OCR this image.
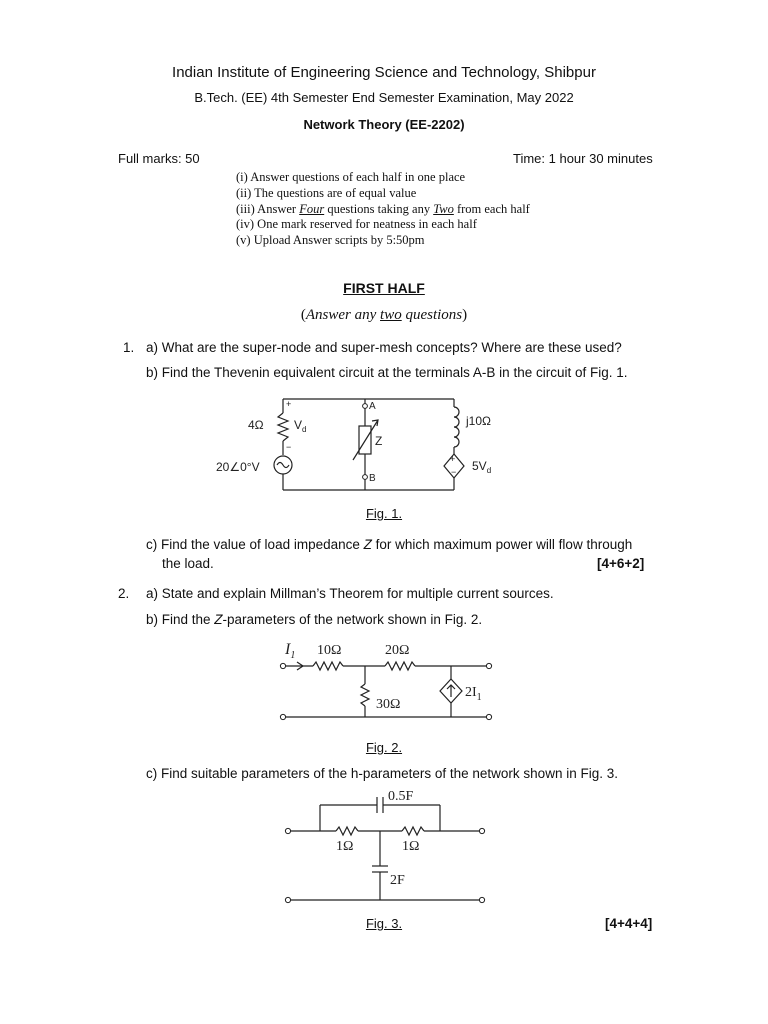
Indian Institute of Engineering Science and Technology, Shibpur
B.Tech. (EE) 4th Semester End Semester Examination, May 2022
Network Theory (EE-2202)
Full marks: 50	Time: 1 hour 30 minutes
(i) Answer questions of each half in one place
(ii) The questions are of equal value
(iii) Answer Four questions taking any Two from each half
(iv) One mark reserved for neatness in each half
(v) Upload Answer scripts by 5:50pm
FIRST HALF
(Answer any two questions)
1. a) What are the super-node and super-mesh concepts? Where are these used?
b) Find the Thevenin equivalent circuit at the terminals A-B in the circuit of Fig. 1.
+
−
+
−
4Ω	$V_d$
20∠0°V
A
B
Z
j10Ω
$5V_d$
Fig. 1.
c) Find the value of load impedance Z for which maximum power will flow through
the load.	[4+6+2]
2. a) State and explain Millman’s Theorem for multiple current sources.
b) Find the Z-parameters of the network shown in Fig. 2.
$I_1$ 10Ω	20Ω
30Ω
$2I_1$
Fig. 2.
c) Find suitable parameters of the h-parameters of the network shown in Fig. 3.
0.5F
1Ω	1Ω
2F
Fig. 3.	[4+4+4]
